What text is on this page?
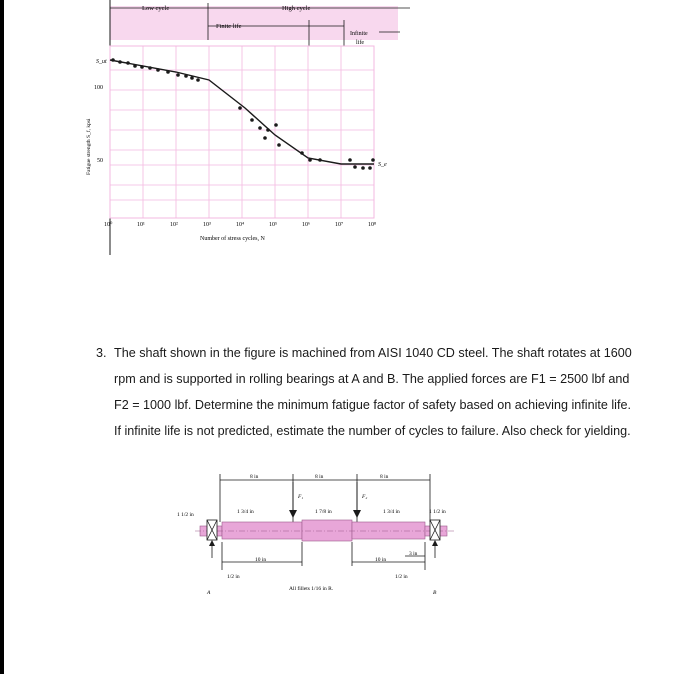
Low cycle	High cycle
Finite life
Infinite
life
Fatigue strength S_f, kpsi
S_ut
100
50
S_e
10⁰	10¹	10²	10³	10⁴	10⁵	10⁶	10⁷	10⁸
Number of stress cycles, N
3. The shaft shown in the figure is machined from AISI 1040 CD steel. The shaft rotates at 1600
rpm and is supported in rolling bearings at A and B. The applied forces are F1 = 2500 lbf and
F2 = 1000 lbf. Determine the minimum fatigue factor of safety based on achieving infinite life.
If infinite life is not predicted, estimate the number of cycles to failure. Also check for yielding.
8 in	8 in	8 in
F₁	F₂
1 1/2 in	1 3/4 in	1 7/8 in	1 3/4 in	1 1/2 in
10 in	10 in
3 in
1/2 in	1/2 in
A	B
All fillets 1/16 in R.
